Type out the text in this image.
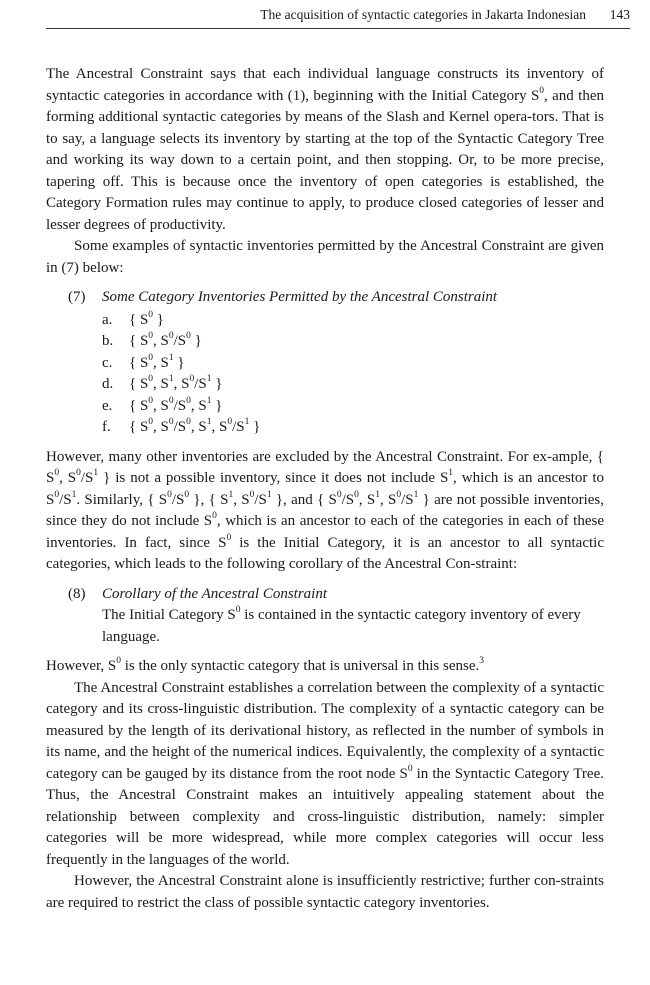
The acquisition of syntactic categories in Jakarta Indonesian 143

The Ancestral Constraint says that each individual language constructs its inventory of syntactic categories in accordance with (1), beginning with the Initial Category $S^0$, and then forming additional syntactic categories by means of the Slash and Kernel opera-tors. That is to say, a language selects its inventory by starting at the top of the Syntactic Category Tree and working its way down to a certain point, and then stopping. Or, to be more precise, tapering off. This is because once the inventory of open categories is established, the Category Formation rules may continue to apply, to produce closed categories of lesser and lesser degrees of productivity.

Some examples of syntactic inventories permitted by the Ancestral Constraint are given in (7) below:

(7)	Some Category Inventories Permitted by the Ancestral Constraint
a.	{ $S^0$ }
b.	{ $S^0$, $S^0/S^0$ }
c.	{ $S^0$, $S^1$ }
d.	{ $S^0$, $S^1$, $S^0/S^1$ }
e.	{ $S^0$, $S^0/S^0$, $S^1$ }
f.	{ $S^0$, $S^0/S^0$, $S^1$, $S^0/S^1$ }

However, many other inventories are excluded by the Ancestral Constraint. For ex-ample, { $S^0$, $S^0/S^1$ } is not a possible inventory, since it does not include $S^1$, which is an ancestor to $S^0/S^1$. Similarly, { $S^0/S^0$ }, { $S^1$, $S^0/S^1$ }, and { $S^0/S^0$, $S^1$, $S^0/S^1$ } are not possible inventories, since they do not include $S^0$, which is an ancestor to each of the categories in each of these inventories. In fact, since $S^0$ is the Initial Category, it is an ancestor to all syntactic categories, which leads to the following corollary of the Ancestral Con-straint:

(8)	Corollary of the Ancestral Constraint
The Initial Category $S^0$ is contained in the syntactic category inventory of every language.

However, $S^0$ is the only syntactic category that is universal in this sense.$^3$

The Ancestral Constraint establishes a correlation between the complexity of a syntactic category and its cross-linguistic distribution. The complexity of a syntactic category can be measured by the length of its derivational history, as reflected in the number of symbols in its name, and the height of the numerical indices. Equivalently, the complexity of a syntactic category can be gauged by its distance from the root node $S^0$ in the Syntactic Category Tree. Thus, the Ancestral Constraint makes an intuitively appealing statement about the relationship between complexity and cross-linguistic distribution, namely: simpler categories will be more widespread, while more complex categories will occur less frequently in the languages of the world.

However, the Ancestral Constraint alone is insufficiently restrictive; further con-straints are required to restrict the class of possible syntactic category inventories.
